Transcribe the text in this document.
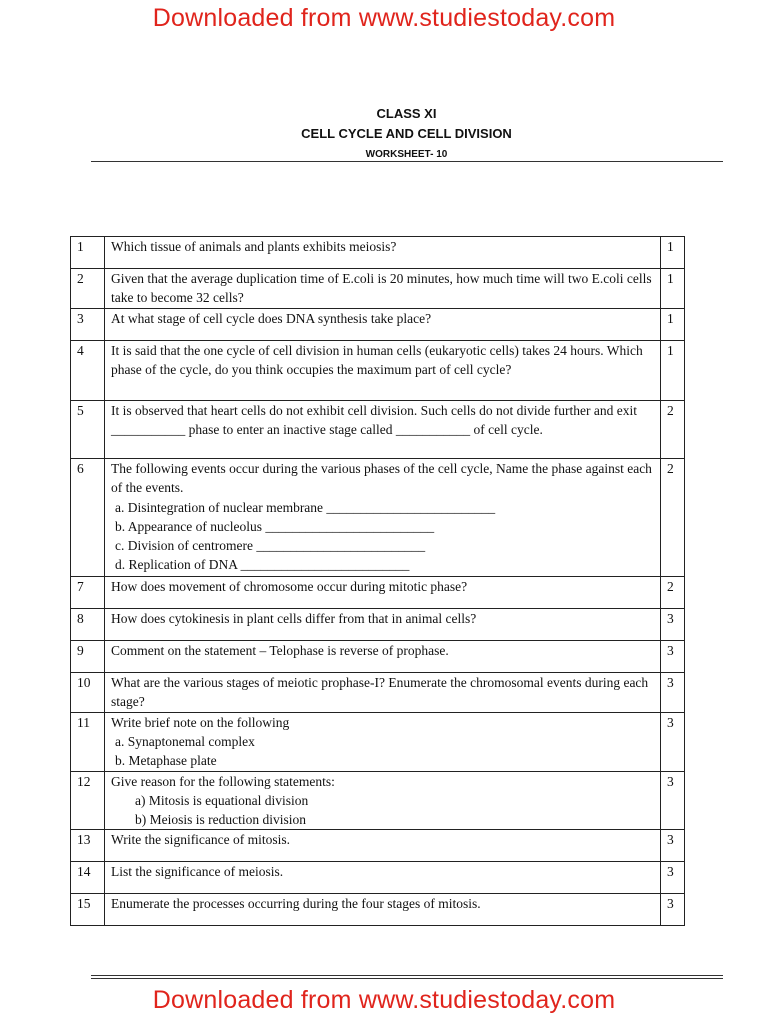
Downloaded from www.studiestoday.com
CLASS XI
CELL CYCLE AND CELL DIVISION
WORKSHEET- 10
1	Which tissue of animals and plants exhibits meiosis?	1
2	Given that the average duplication time of E.coli is 20 minutes, how much time will two E.coli cells take to become 32 cells?	1
3	At what stage of cell cycle does DNA synthesis take place?	1
4	It is said that the one cycle of cell division in human cells (eukaryotic cells) takes 24 hours. Which phase of the cycle, do you think occupies the maximum part of cell cycle?	1
5	It is observed that heart cells do not exhibit cell division. Such cells do not divide further and exit ___________ phase to enter an inactive stage called ___________ of cell cycle.	2
6	The following events occur during the various phases of the cell cycle, Name the phase against each of the events.
a. Disintegration of nuclear membrane _________________________
b. Appearance of nucleolus _________________________
c. Division of centromere _________________________
d. Replication of DNA _________________________	2
7	How does movement of chromosome occur during mitotic phase?	2
8	How does cytokinesis in plant cells differ from that in animal cells?	3
9	Comment on the statement – Telophase is reverse of prophase.	3
10	What are the various stages of meiotic prophase-I? Enumerate the chromosomal events during each stage?	3
11	Write brief note on the following
a. Synaptonemal complex
b. Metaphase plate	3
12	Give reason for the following statements:
a) Mitosis is equational division
b) Meiosis is reduction division	3
13	Write the significance of mitosis.	3
14	List the significance of meiosis.	3
15	Enumerate the processes occurring during the four stages of mitosis.	3
Downloaded from www.studiestoday.com
